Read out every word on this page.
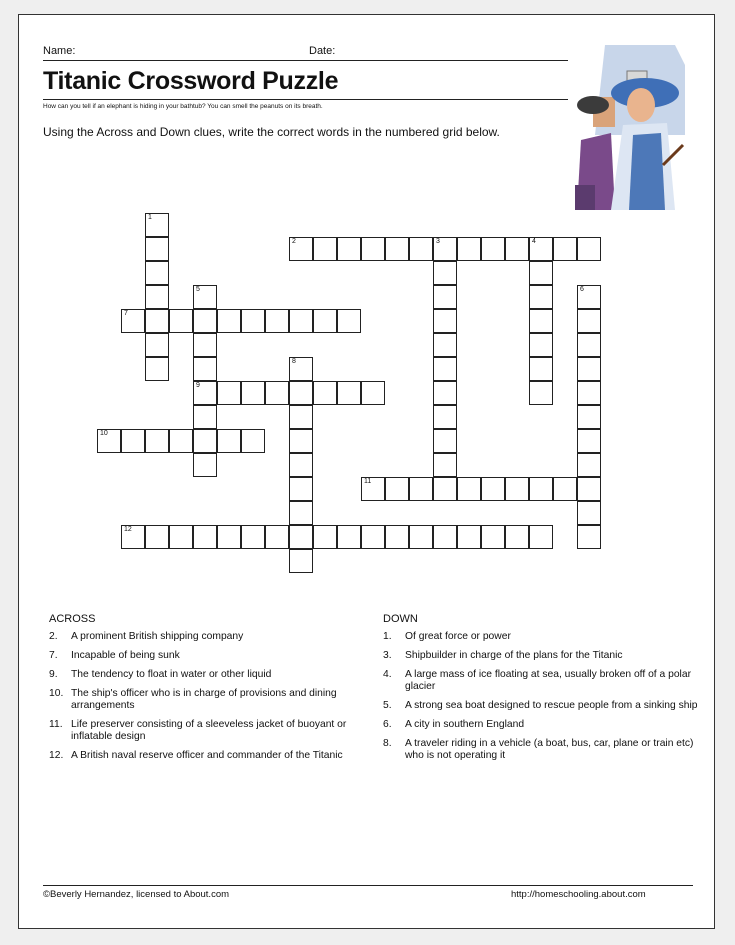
Name:	Date:
Titanic Crossword Puzzle
How can you tell if an elephant is hiding in your bathtub? You can smell the peanuts on its breath.
Using the Across and Down clues, write the correct words in the numbered grid below.
1
2	3	4
5
9
6
7
8
10
11
12
ACROSS
2.	A prominent British shipping company
7.	Incapable of being sunk
9.	The tendency to float in water or other liquid
10. The ship's officer who is in charge of provisions and dining arrangements
11. Life preserver consisting of a sleeveless jacket of buoyant or inflatable design
12. A British naval reserve officer and commander of the Titanic
DOWN
1.	Of great force or power
3.	Shipbuilder in charge of the plans for the Titanic
4.	A large mass of ice floating at sea, usually broken off of a polar glacier
5.	A strong sea boat designed to rescue people from a sinking ship
6.	A city in southern England
8.	A traveler riding in a vehicle (a boat, bus, car, plane or train etc) who is not operating it
©Beverly Hernandez, licensed to About.com	http://homeschooling.about.com
